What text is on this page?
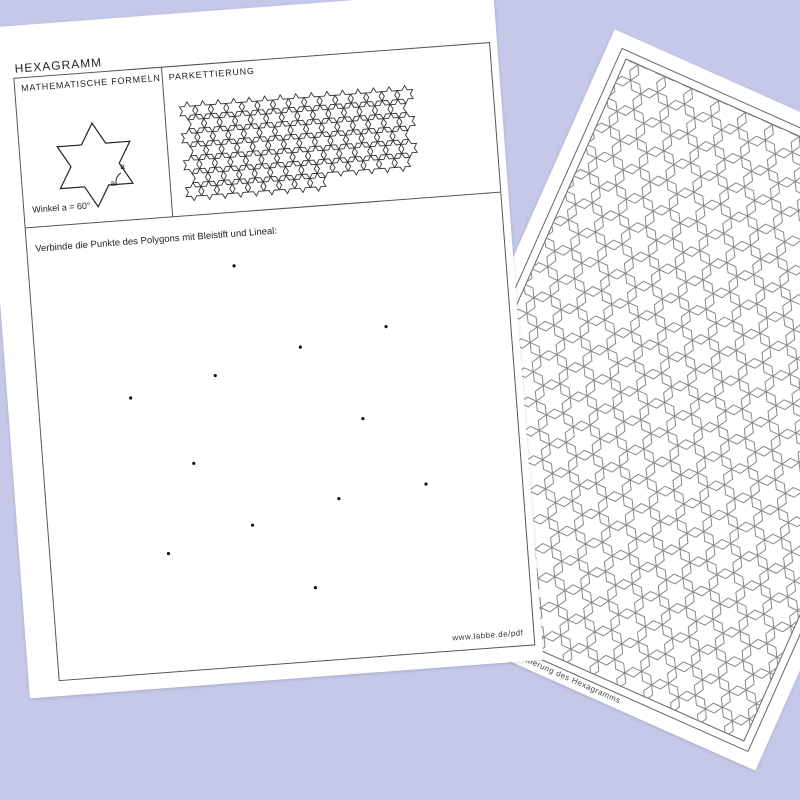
Parkettierung des Hexagramms
HEXAGRAMM
MATHEMATISCHE FORMELN
a
a
Winkel a = 60°
PARKETTIERUNG
Verbinde die Punkte des Polygons mit Bleistift und Lineal:
www.labbe.de/pdf
